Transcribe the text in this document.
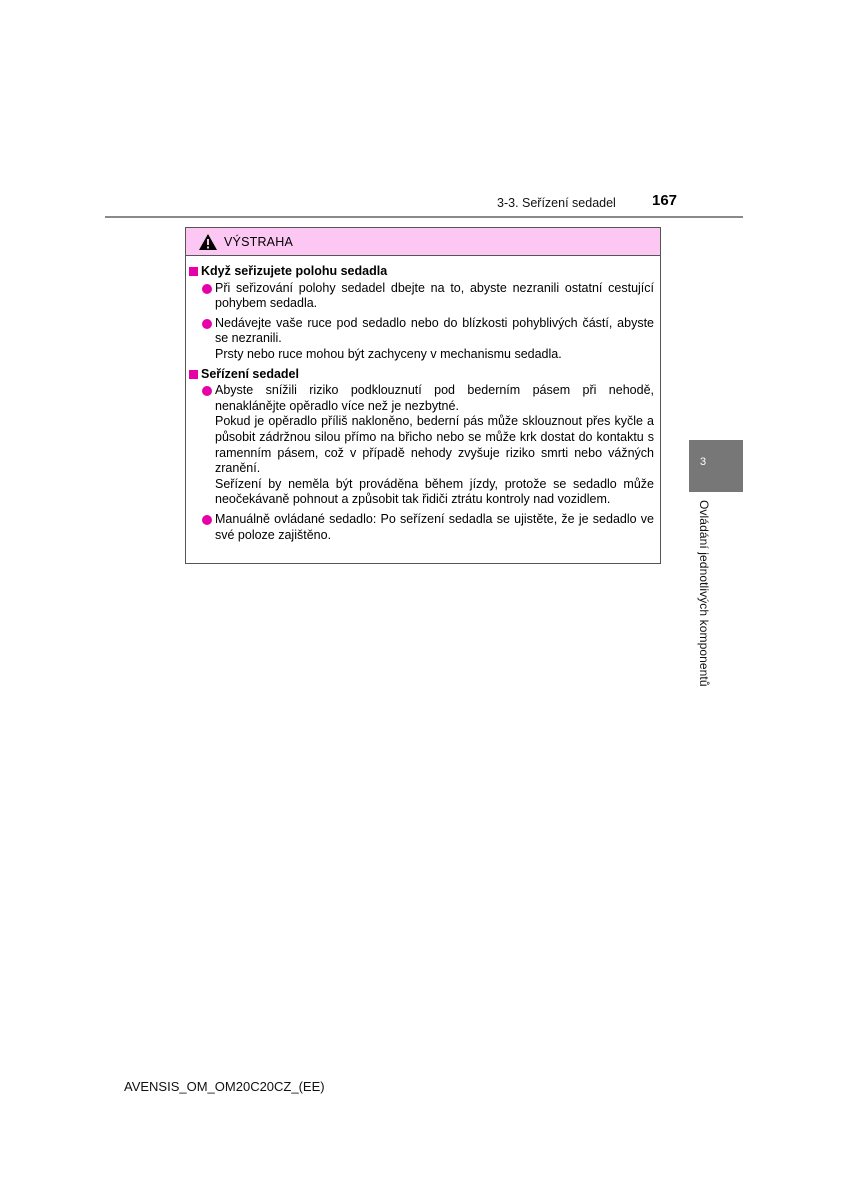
3-3. Seřízení sedadel 167
VÝSTRAHA
Když seřizujete polohu sedadla

Při seřizování polohy sedadel dbejte na to, abyste nezranili ostatní cestující pohybem sedadla.

Nedávejte vaše ruce pod sedadlo nebo do blízkosti pohyblivých částí, abyste se nezranili.

Prsty nebo ruce mohou být zachyceny v mechanismu sedadla.

Seřízení sedadel

Abyste snížili riziko podklouznutí pod bederním pásem při nehodě, nenaklánějte opěradlo více než je nezbytné.

Pokud je opěradlo příliš nakloněno, bederní pás může sklouznout přes kyčle a působit zádržnou silou přímo na břicho nebo se může krk dostat do kontaktu s ramenním pásem, což v případě nehody zvyšuje riziko smrti nebo vážných zranění.

Seřízení by neměla být prováděna během jízdy, protože se sedadlo může neočekávaně pohnout a způsobit tak řidiči ztrátu kontroly nad vozidlem.

Manuálně ovládané sedadlo: Po seřízení sedadla se ujistěte, že je sedadlo ve své poloze zajištěno.

3
Ovládání jednotlivých komponentů
AVENSIS_OM_OM20C20CZ_(EE)
